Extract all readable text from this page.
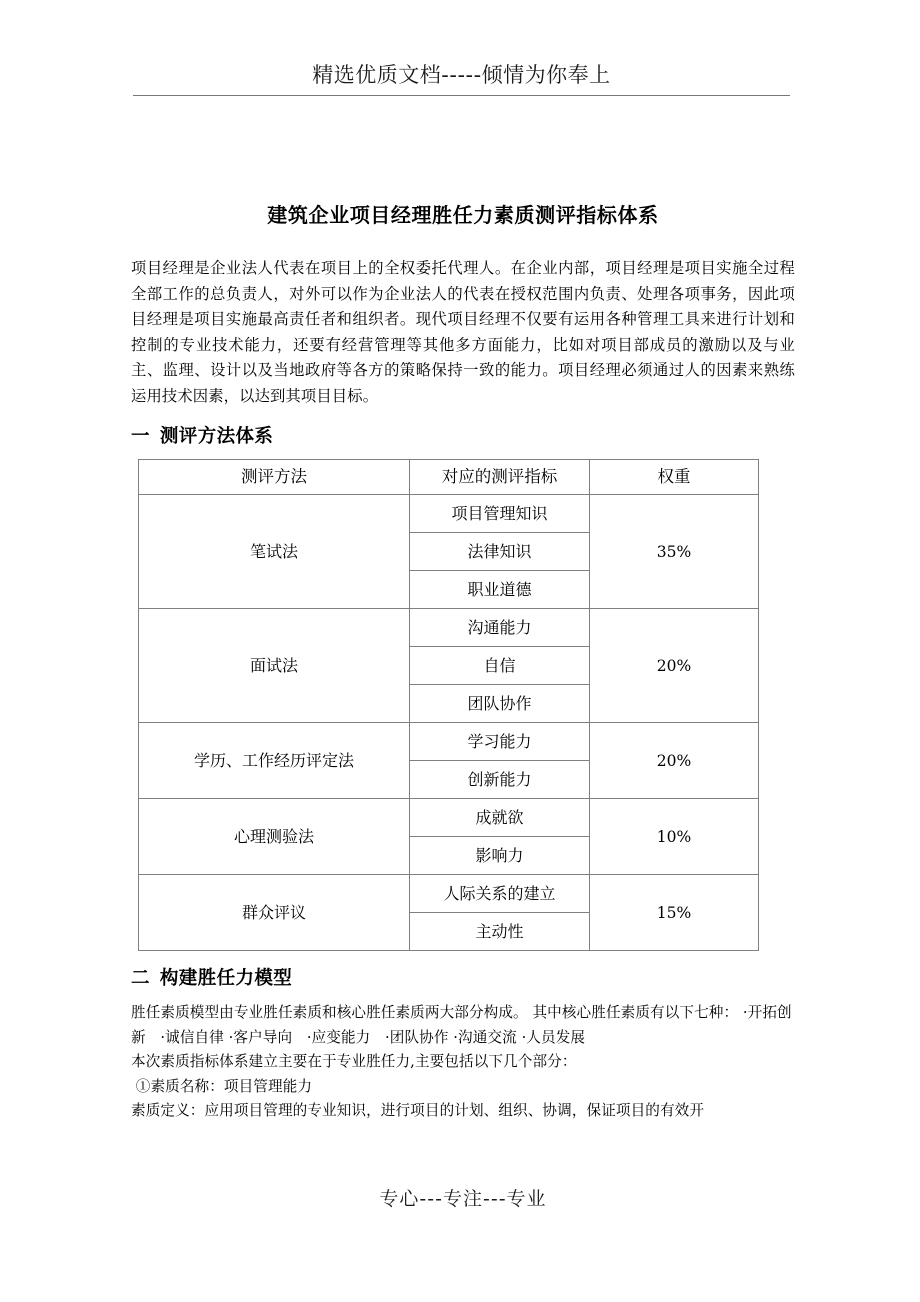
精选优质文档-----倾情为你奉上
建筑企业项目经理胜任力素质测评指标体系

项目经理是企业法人代表在项目上的全权委托代理人。在企业内部，项目经理是项目实施全过程全部工作的总负责人，对外可以作为企业法人的代表在授权范围内负责、处理各项事务，因此项目经理是项目实施最高责任者和组织者。现代项目经理不仅要有运用各种管理工具来进行计划和控制的专业技术能力，还要有经营管理等其他多方面能力，比如对项目部成员的激励以及与业主、监理、设计以及当地政府等各方的策略保持一致的能力。项目经理必须通过人的因素来熟练运用技术因素，以达到其项目目标。

一 测评方法体系
测评方法	对应的测评指标	权重
笔试法	项目管理知识	35%
	法律知识	
	职业道德	
面试法	沟通能力	20%
	自信	
	团队协作	
学历、工作经历评定法	学习能力	20%
	创新能力	
心理测验法	成就欲	10%
	影响力	
群众评议	人际关系的建立	15%
	主动性	
二 构建胜任力模型
胜任素质模型由专业胜任素质和核心胜任素质两大部分构成。 其中核心胜任素质有以下七种： ·开拓创新　·诚信自律 ·客户导向　·应变能力　·团队协作 ·沟通交流 ·人员发展
本次素质指标体系建立主要在于专业胜任力,主要包括以下几个部分：
①素质名称：项目管理能力
素质定义：应用项目管理的专业知识，进行项目的计划、组织、协调，保证项目的有效开
专心---专注---专业
